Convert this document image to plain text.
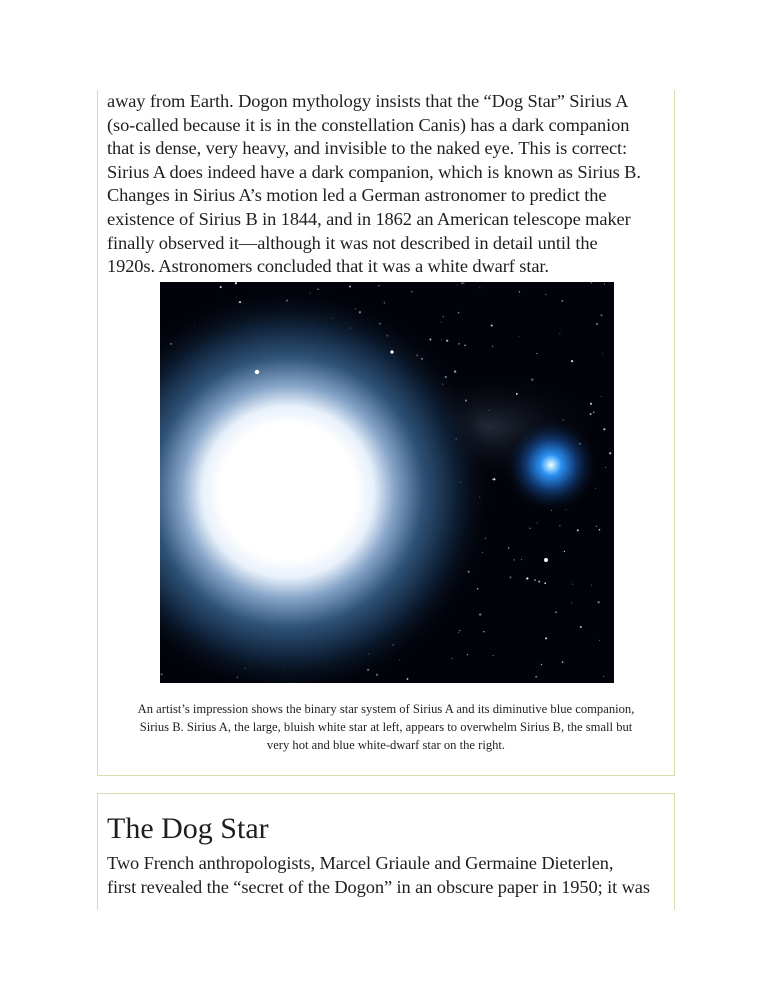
away from Earth. Dogon mythology insists that the “Dog Star” Sirius A
(so-called because it is in the constellation Canis) has a dark companion
that is dense, very heavy, and invisible to the naked eye. This is correct:
Sirius A does indeed have a dark companion, which is known as Sirius B.
Changes in Sirius A’s motion led a German astronomer to predict the
existence of Sirius B in 1844, and in 1862 an American telescope maker
finally observed it—although it was not described in detail until the
1920s. Astronomers concluded that it was a white dwarf star.

An artist’s impression shows the binary star system of Sirius A and its diminutive blue companion,
Sirius B. Sirius A, the large, bluish white star at left, appears to overwhelm Sirius B, the small but
very hot and blue white-dwarf star on the right.

The Dog Star

Two French anthropologists, Marcel Griaule and Germaine Dieterlen,
first revealed the “secret of the Dogon” in an obscure paper in 1950; it was
